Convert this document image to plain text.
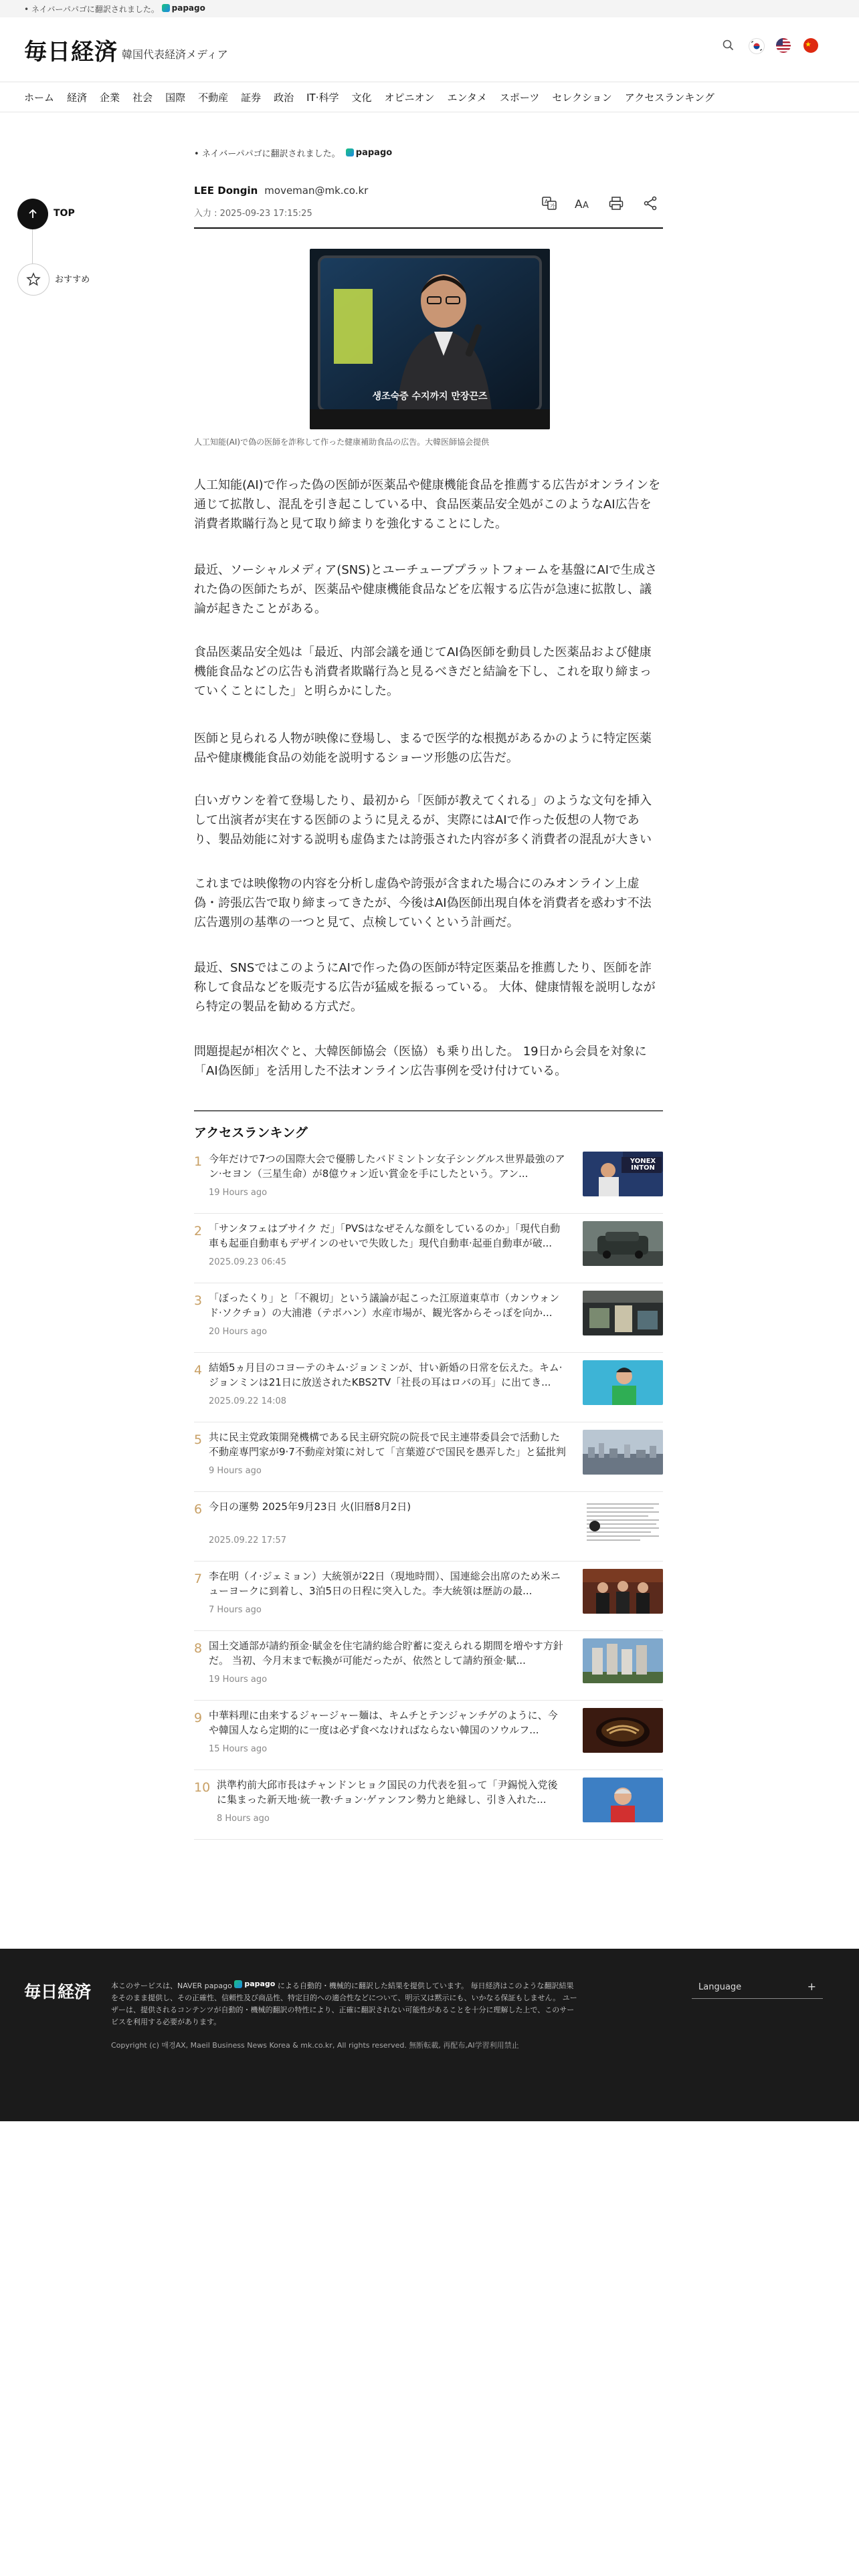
• ネイバーパパゴに翻訳されました。 papago
毎日経済 韓国代表経済メディア
ホーム 経済 企業 社会 国際 不動産 証券 政治 IT·科学 文化 オピニオン エンタメ スポーツ セレクション アクセスランキング
TOP
おすすめ
• ネイバーパパゴに翻訳されました。 papago
LEE Dongin moveman@mk.co.kr
入力 : 2025-09-23 17:15:25
A
가 A A
생조숙증 수지까지 만장끈즈
人工知能(AI)で偽の医師を詐称して作った健康補助食品の広告。大韓医師協会提供
人工知能(AI)で作った偽の医師が医薬品や健康機能食品を推薦する広告がオンラインを通じて拡散し、混乱を引き起こしている中、食品医薬品安全処がこのようなAI広告を消費者欺瞞行為と見て取り締まりを強化することにした。
最近、ソーシャルメディア(SNS)とユーチューブプラットフォームを基盤にAIで生成された偽の医師たちが、医薬品や健康機能食品などを広報する広告が急速に拡散し、議論が起きたことがある。
食品医薬品安全処は「最近、内部会議を通じてAI偽医師を動員した医薬品および健康機能食品などの広告も消費者欺瞞行為と見るべきだと結論を下し、これを取り締まっていくことにした」と明らかにした。
医師と見られる人物が映像に登場し、まるで医学的な根拠があるかのように特定医薬品や健康機能食品の効能を説明するショーツ形態の広告だ。
白いガウンを着て登場したり、最初から「医師が教えてくれる」のような文句を挿入して出演者が実在する医師のように見えるが、実際にはAIで作った仮想の人物であり、製品効能に対する説明も虚偽または誇張された内容が多く消費者の混乱が大きい
これまでは映像物の内容を分析し虚偽や誇張が含まれた場合にのみオンライン上虚偽・誇張広告で取り締まってきたが、今後はAI偽医師出現自体を消費者を惑わす不法広告選別の基準の一つと見て、点検していくという計画だ。
最近、SNSではこのようにAIで作った偽の医師が特定医薬品を推薦したり、医師を詐称して食品などを販売する広告が猛威を振るっている。 大体、健康情報を説明しながら特定の製品を勧める方式だ。
問題提起が相次ぐと、大韓医師協会（医協）も乗り出した。 19日から会員を対象に「AI偽医師」を活用した不法オンライン広告事例を受け付けている。
アクセスランキング
1 今年だけで7つの国際大会で優勝したバドミントン女子シングルス世界最強のアン·セヨン（三星生命）が8億ウォン近い賞金を手にしたという。アン...
19 Hours ago
YONEX INTON
2 「サンタフェはブサイク だ」「PVSはなぜそんな顔をしているのか」「現代自動車も起亜自動車もデザインのせいで失敗した」現代自動車·起亜自動車が破...
2025.09.23 06:45
3 「ぼったくり」と「不親切」という議論が起こった江原道東草市（カンウォンド·ソクチョ）の大浦港（テポハン）水産市場が、観光客からそっぽを向か...
20 Hours ago
4 結婚5ヵ月目のコヨーテのキム·ジョンミンが、甘い新婚の日常を伝えた。キム·ジョンミンは21日に放送されたKBS2TV「社長の耳はロバの耳」に出てき...
2025.09.22 14:08
5 共に民主党政策開発機構である民主研究院の院長で民主連帯委員会で活動した不動産専門家が9·7不動産対策に対して「言葉遊びで国民を愚弄した」と猛批判
9 Hours ago
6 今日の運勢 2025年9月23日 火(旧暦8月2日)
2025.09.22 17:57
7 李在明（イ·ジェミョン）大統領が22日（現地時間）、国連総会出席のため米ニューヨークに到着し、3泊5日の日程に突入した。李大統領は歴訪の最...
7 Hours ago
8 国土交通部が請約預金·賦金を住宅請約総合貯蓄に変えられる期間を増やす方針だ。 当初、今月末まで転換が可能だったが、依然として請約預金·賦...
19 Hours ago
9 中華料理に由来するジャージャー麺は、キムチとテンジャンチゲのように、今や韓国人なら定期的に一度は必ず食べなければならない韓国のソウルフ...
15 Hours ago
10 洪準杓前大邱市長はチャンドンヒョク国民の力代表を狙って「尹錫悦入党後に集まった新天地·統一教·チョン·ゲァンフン勢力と絶縁し、引き入れた...
8 Hours ago
毎日経済	本このサービスは、NAVER papago papago による自動的・機械的に翻訳した結果を提供しています。 毎日経済はこのような翻訳結果をそのまま提供し、その正確性、信頼性及び商品性、特定目的への適合性などについて、明示又は黙示にも、いかなる保証もしません。 ユーザーは、提供されるコンテンツが自動的・機械的翻訳の特性により、正確に翻訳されない可能性があることを十分に理解した上で、このサービスを利用する必要があります。
Copyright (c) 매경AX, Maeil Business News Korea & mk.co.kr, All rights reserved. 無断転載, 再配布,AI学習利用禁止
Language	+
